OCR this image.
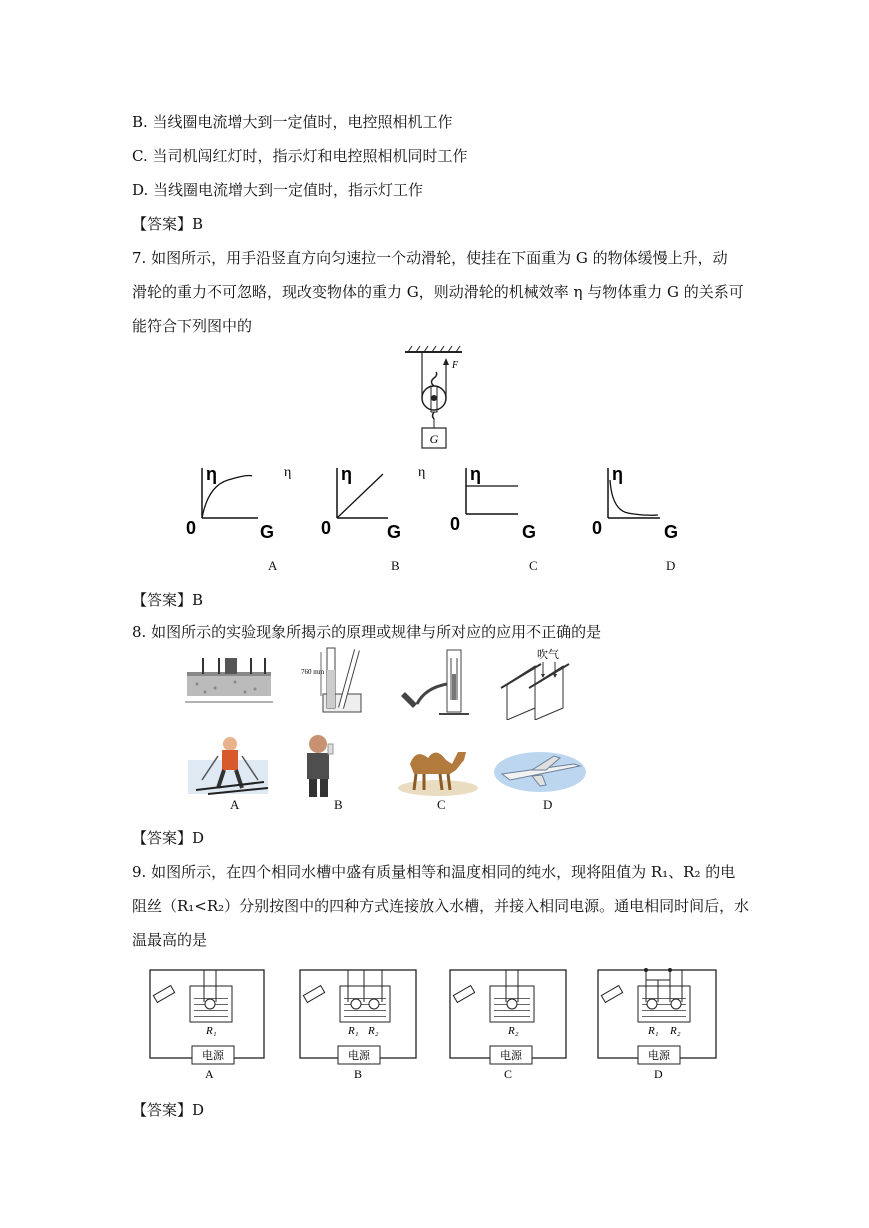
B. 当线圈电流增大到一定值时，电控照相机工作
C. 当司机闯红灯时，指示灯和电控照相机同时工作
D. 当线圈电流增大到一定值时，指示灯工作
【答案】B
7. 如图所示，用手沿竖直方向匀速拉一个动滑轮，使挂在下面重为 G 的物体缓慢上升，动
滑轮的重力不可忽略，现改变物体的重力 G，则动滑轮的机械效率 η 与物体重力 G 的关系可
能符合下列图中的
G
F
η
0	G
η	η
0	G
η η
0	G
η
0	G
A	B	C	D
【答案】B
8. 如图所示的实验现象所揭示的原理或规律与所对应的应用不正确的是
760 mm
吹气
A	B	C	D
【答案】D
9. 如图所示，在四个相同水槽中盛有质量相等和温度相同的纯水，现将阻值为 R₁、R₂ 的电
阻丝（R₁<R₂）分别按图中的四种方式连接放入水槽，并接入相同电源。通电相同时间后，水
温最高的是
电源
R₁
A
电源
R₁ R₂
B
电源
R₂
C
电源
R₁ R₂
D
【答案】D
